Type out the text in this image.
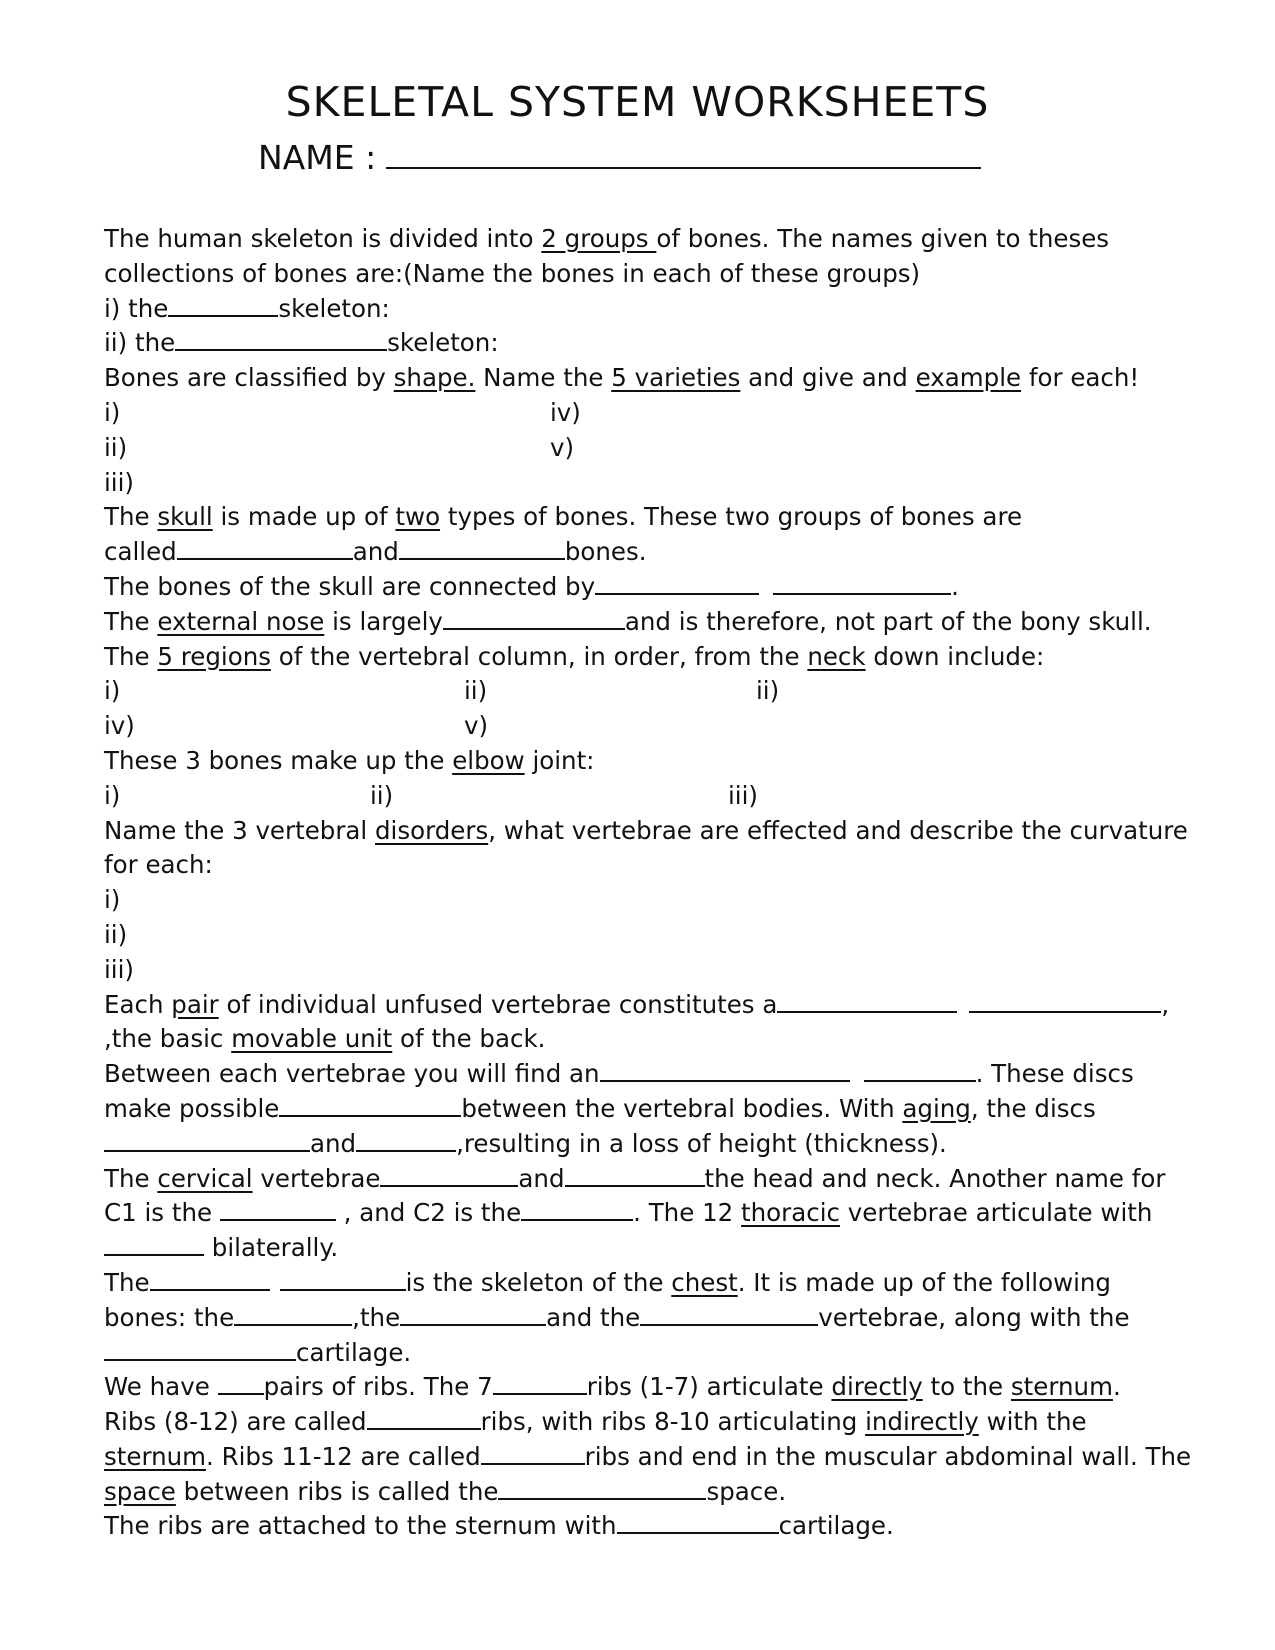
SKELETAL SYSTEM WORKSHEETS
NAME :
The human skeleton is divided into 2 groups of bones. The names given to theses
collections of bones are:(Name the bones in each of these groups)
i) the	skeleton:
ii) the	skeleton:
Bones are classified by shape. Name the 5 varieties and give and example for each!
i)	iv)
ii)	v)
iii)
The skull is made up of two types of bones. These two groups of bones are
called	and	bones.
The bones of the skull are connected by	.
The external nose is largely	and is therefore, not part of the bony skull.
The 5 regions of the vertebral column, in order, from the neck down include:
i)	ii)	ii)
iv)	v)
These 3 bones make up the elbow joint:
i)	ii)	iii)
Name the 3 vertebral disorders, what vertebrae are effected and describe the curvature
for each:
i)
ii)
iii)
Each pair of individual unfused vertebrae constitutes a	,
,the basic movable unit of the back.
Between each vertebrae you will find an	. These discs
make possible	between the vertebral bodies. With aging, the discs
and	,resulting in a loss of height (thickness).
The cervical vertebrae	and	the head and neck. Another name for
C1 is the	, and C2 is the	. The 12 thoracic vertebrae articulate with
bilaterally.
The	is the skeleton of the chest. It is made up of the following
bones: the	,the	and the	vertebrae, along with the
cartilage.
We have pairs of ribs. The 7	ribs (1-7) articulate directly to the sternum.
Ribs (8-12) are called	ribs, with ribs 8-10 articulating indirectly with the
sternum. Ribs 11-12 are called	ribs and end in the muscular abdominal wall. The
space between ribs is called the	space.
The ribs are attached to the sternum with	cartilage.
